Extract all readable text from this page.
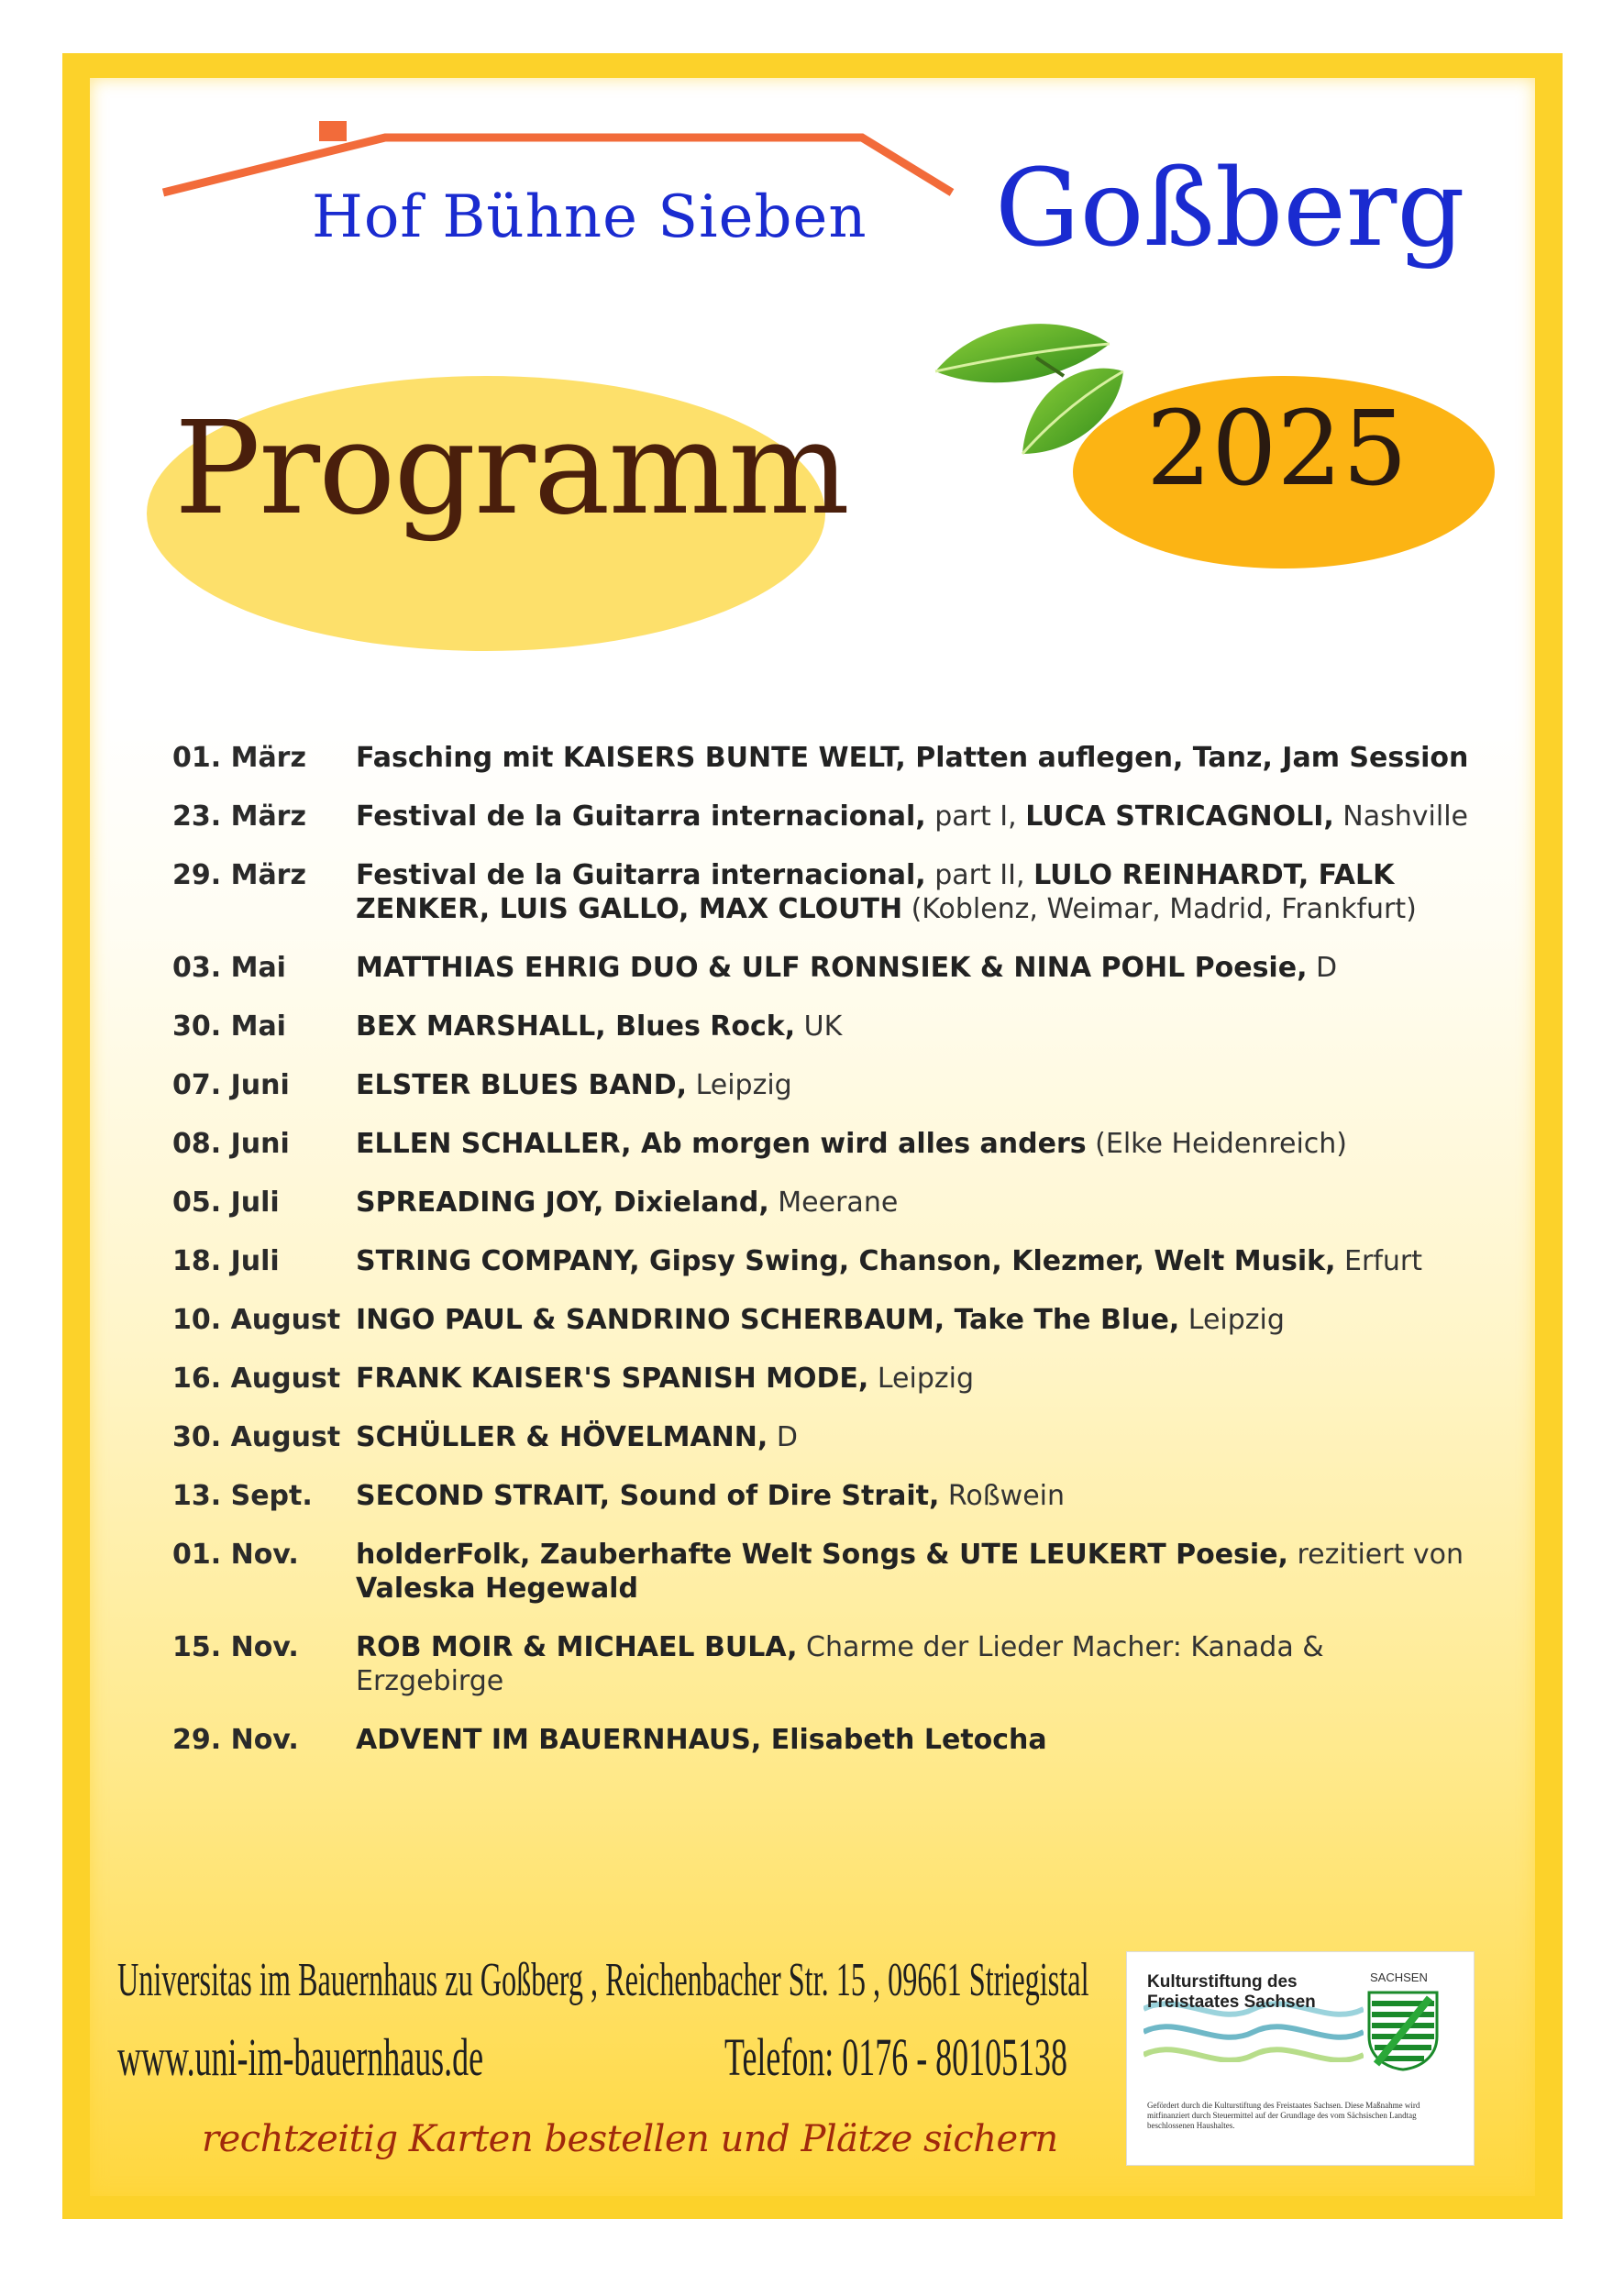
Hof Bühne Sieben Goßberg
Programm	2025
01. März	Fasching mit KAISERS BUNTE WELT, Platten auflegen, Tanz, Jam Session
23. März	Festival de la Guitarra internacional, part I, LUCA STRICAGNOLI, Nashville
29. März	Festival de la Guitarra internacional, part II, LULO REINHARDT, FALK ZENKER, LUIS GALLO, MAX CLOUTH (Koblenz, Weimar, Madrid, Frankfurt)
03. Mai	MATTHIAS EHRIG DUO & ULF RONNSIEK & NINA POHL Poesie, D
30. Mai	BEX MARSHALL, Blues Rock, UK
07. Juni	ELSTER BLUES BAND, Leipzig
08. Juni	ELLEN SCHALLER, Ab morgen wird alles anders (Elke Heidenreich)
05. Juli	SPREADING JOY, Dixieland, Meerane
18. Juli	STRING COMPANY, Gipsy Swing, Chanson, Klezmer, Welt Musik, Erfurt
10. August INGO PAUL & SANDRINO SCHERBAUM, Take The Blue, Leipzig
16. August FRANK KAISER'S SPANISH MODE, Leipzig
30. August SCHÜLLER & HÖVELMANN, D
13. Sept.	SECOND STRAIT, Sound of Dire Strait, Roßwein
01. Nov.	holderFolk, Zauberhafte Welt Songs & UTE LEUKERT Poesie, rezitiert von Valeska Hegewald
15. Nov.	ROB MOIR & MICHAEL BULA, Charme der Lieder Macher: Kanada & Erzgebirge
29. Nov.	ADVENT IM BAUERNHAUS, Elisabeth Letocha
Universitas im Bauernhaus zu Goßberg , Reichenbacher Str. 15 , 09661 Striegistal
www.uni-im-bauernhaus.de	Telefon: 0176 - 80105138
rechtzeitig Karten bestellen und Plätze sichern
Kulturstiftung des Freistaates Sachsen
SACHSEN
Gefördert durch die Kulturstiftung des Freistaates Sachsen. Diese Maßnahme wird mitfinanziert durch Steuermittel auf der Grundlage des vom Sächsischen Landtag beschlossenen Haushaltes.
